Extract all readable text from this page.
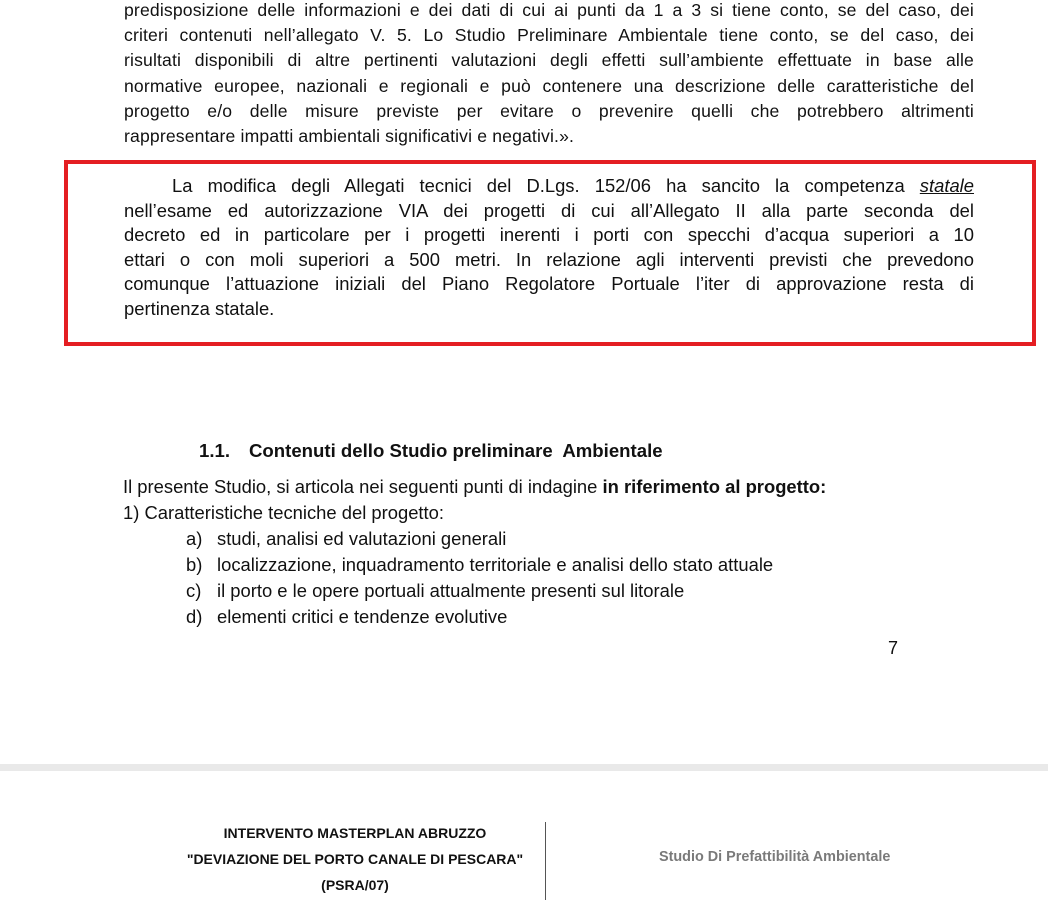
predisposizione delle informazioni e dei dati di cui ai punti da 1 a 3 si tiene conto, se del caso, dei
criteri contenuti nell’allegato V. 5. Lo Studio Preliminare Ambientale tiene conto, se del caso, dei
risultati disponibili di altre pertinenti valutazioni degli effetti sull’ambiente effettuate in base alle
normative europee, nazionali e regionali e può contenere una descrizione delle caratteristiche del
progetto e/o delle misure previste per evitare o prevenire quelli che potrebbero altrimenti
rappresentare impatti ambientali significativi e negativi.».
La modifica degli Allegati tecnici del D.Lgs. 152/06 ha sancito la competenza statale
nell’esame ed autorizzazione VIA dei progetti di cui all’Allegato II alla parte seconda del
decreto ed in particolare per i progetti inerenti i porti con specchi d’acqua superiori a 10
ettari o con moli superiori a 500 metri. In relazione agli interventi previsti che prevedono
comunque l’attuazione iniziali del Piano Regolatore Portuale l’iter di approvazione resta di
pertinenza statale.
1.1. Contenuti dello Studio preliminare  Ambientale
Il presente Studio, si articola nei seguenti punti di indagine in riferimento al progetto:
1) Caratteristiche tecniche del progetto:
a) studi, analisi ed valutazioni generali
b) localizzazione, inquadramento territoriale e analisi dello stato attuale
c) il porto e le opere portuali attualmente presenti sul litorale
d) elementi critici e tendenze evolutive
7
INTERVENTO MASTERPLAN ABRUZZO
"DEVIAZIONE DEL PORTO CANALE DI PESCARA"
(PSRA/07)
Studio Di Prefattibilità Ambientale
